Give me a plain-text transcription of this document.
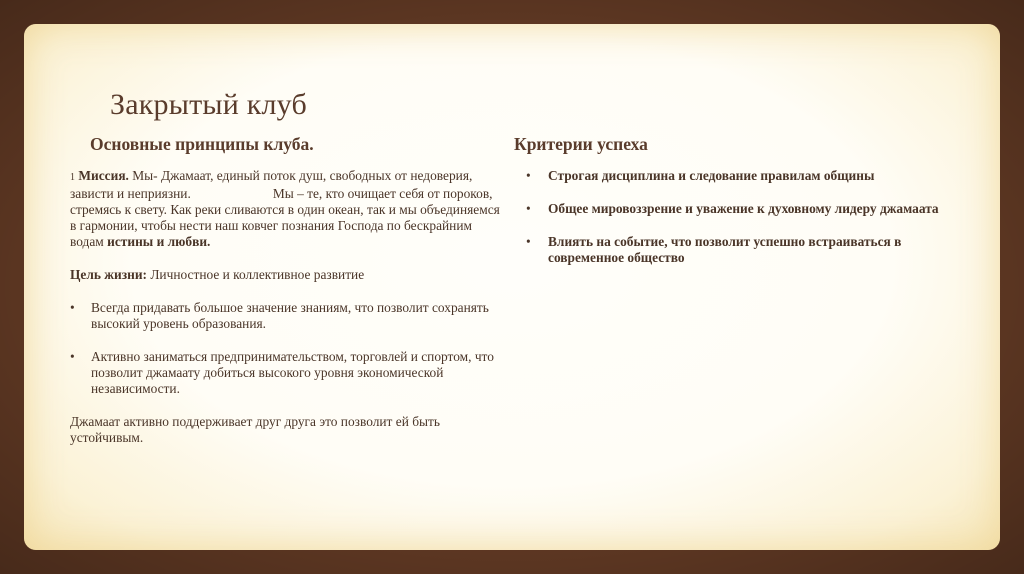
Закрытый клуб
Основные принципы клуба.	Критерии успеха

1 Миссия. Мы- Джамаат, единый поток душ, свободных от недоверия, зависти и неприязни.	Мы – те, кто очищает себя от пороков, стремясь к свету. Как реки сливаются в один океан, так и мы объединяемся в гармонии, чтобы нести наш ковчег познания Господа по бескрайним водам истины и любви.

Цель жизни: Личностное и коллективное развитие

• Всегда придавать большое значение знаниям, что позволит сохранять высокий уровень образования.
• Активно заниматься предпринимательством, торговлей и спортом, что позволит джамаату добиться высокого уровня экономической независимости.

Джамаат активно поддерживает друг друга это позволит ей быть устойчивым.

• Строгая дисциплина и следование правилам общины
• Общее мировоззрение и уважение к духовному лидеру джамаата
• Влиять на событие, что позволит успешно встраиваться в современное общество
